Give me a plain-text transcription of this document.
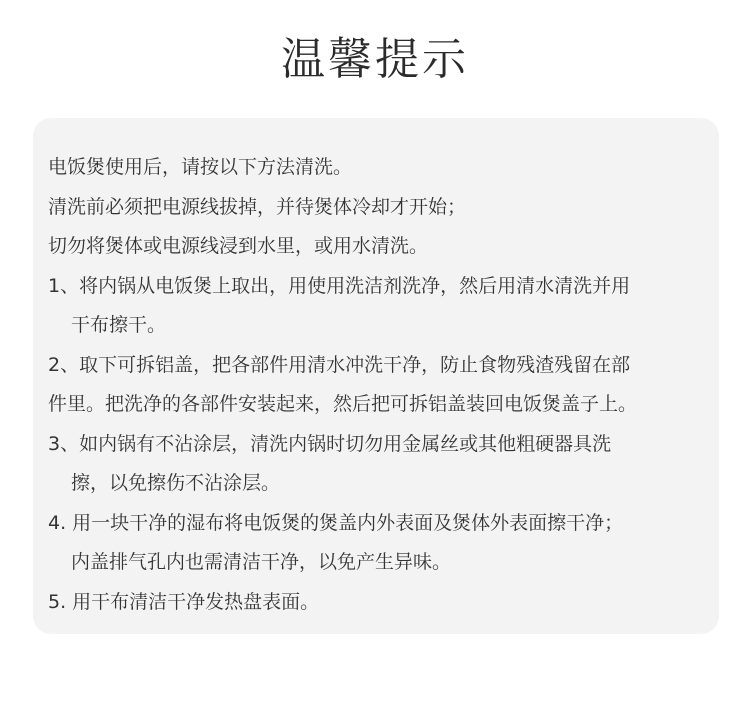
温馨提示
电饭煲使用后，请按以下方法清洗。
清洗前必须把电源线拔掉，并待煲体冷却才开始；
切勿将煲体或电源线浸到水里，或用水清洗。
1、将内锅从电饭煲上取出，用使用洗洁剂洗净，然后用清水清洗并用
干布擦干。
2、取下可拆铝盖，把各部件用清水冲洗干净，防止食物残渣残留在部
件里。把洗净的各部件安装起来，然后把可拆铝盖装回电饭煲盖子上。
3、如内锅有不沾涂层，清洗内锅时切勿用金属丝或其他粗硬器具洗
擦，以免擦伤不沾涂层。
4. 用一块干净的湿布将电饭煲的煲盖内外表面及煲体外表面擦干净；
内盖排气孔内也需清洁干净，以免产生异味。
5. 用干布清洁干净发热盘表面。
